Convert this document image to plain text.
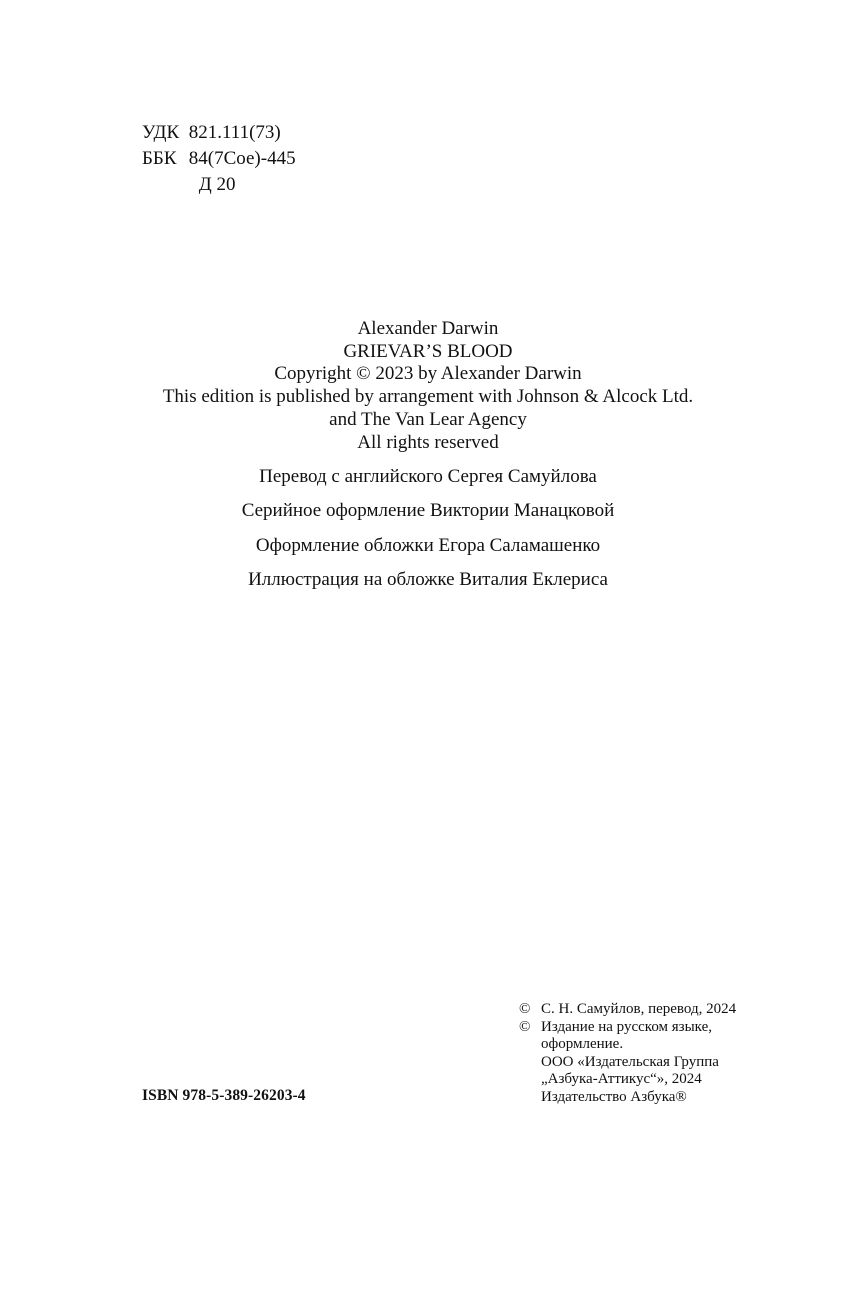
УДК 821.111(73)
ББК 84(7Сое)-445
Д 20
Alexander Darwin
GRIEVAR’S BLOOD
Copyright © 2023 by Alexander Darwin
This edition is published by arrangement with Johnson & Alcock Ltd.
and The Van Lear Agency
All rights reserved
Перевод с английского Сергея Самуйлова
Серийное оформление Виктории Манацковой
Оформление обложки Егора Саламашенко
Иллюстрация на обложке Виталия Еклериса
© С. Н. Самуйлов, перевод, 2024
© Издание на русском языке,
оформление.
ООО «Издательская Группа
„Азбука-Аттикус“», 2024
Издательство Азбука®
ISBN 978-5-389-26203-4
